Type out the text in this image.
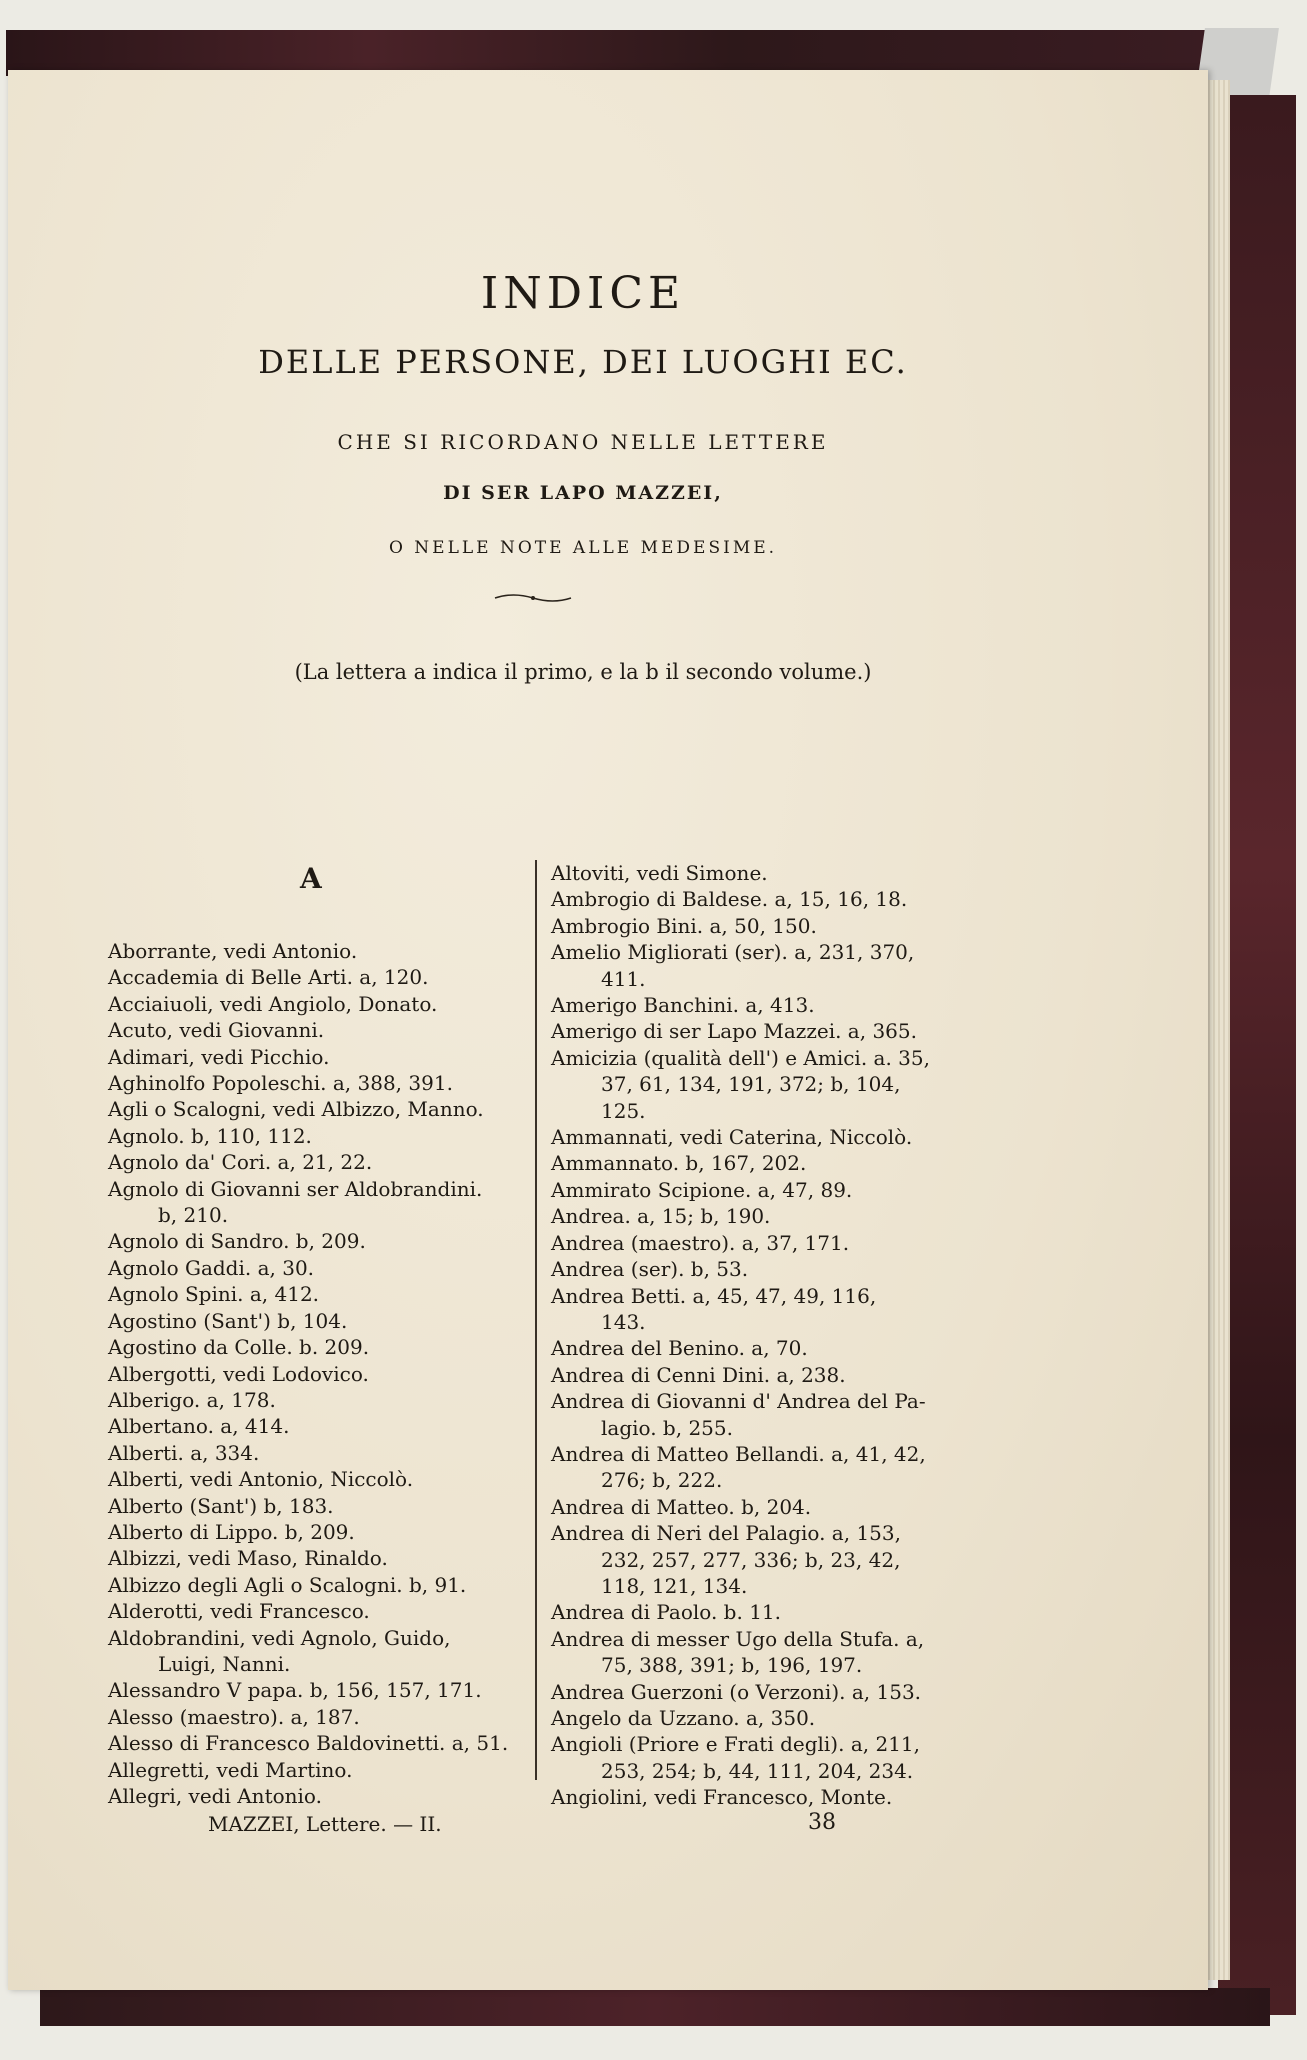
INDICE
DELLE PERSONE, DEI LUOGHI EC.
CHE SI RICORDANO NELLE LETTERE
DI SER LAPO MAZZEI,
O NELLE NOTE ALLE MEDESIME.
(La lettera a indica il primo, e la b il secondo volume.)
A
Aborrante, vedi Antonio.
Accademia di Belle Arti. a, 120.
Acciaiuoli, vedi Angiolo, Donato.
Acuto, vedi Giovanni.
Adimari, vedi Picchio.
Aghinolfo Popoleschi. a, 388, 391.
Agli o Scalogni, vedi Albizzo, Manno.
Agnolo. b, 110, 112.
Agnolo da' Cori. a, 21, 22.
Agnolo di Giovanni ser Aldobrandini.
b, 210.
Agnolo di Sandro. b, 209.
Agnolo Gaddi. a, 30.
Agnolo Spini. a, 412.
Agostino (Sant') b, 104.
Agostino da Colle. b. 209.
Albergotti, vedi Lodovico.
Alberigo. a, 178.
Albertano. a, 414.
Alberti. a, 334.
Alberti, vedi Antonio, Niccolò.
Alberto (Sant') b, 183.
Alberto di Lippo. b, 209.
Albizzi, vedi Maso, Rinaldo.
Albizzo degli Agli o Scalogni. b, 91.
Alderotti, vedi Francesco.
Aldobrandini, vedi Agnolo, Guido,
Luigi, Nanni.
Alessandro V papa. b, 156, 157, 171.
Alesso (maestro). a, 187.
Alesso di Francesco Baldovinetti. a, 51.
Allegretti, vedi Martino.
Allegri, vedi Antonio.
Altoviti, vedi Simone.
Ambrogio di Baldese. a, 15, 16, 18.
Ambrogio Bini. a, 50, 150.
Amelio Migliorati (ser). a, 231, 370,
411.
Amerigo Banchini. a, 413.
Amerigo di ser Lapo Mazzei. a, 365.
Amicizia (qualità dell') e Amici. a. 35,
37, 61, 134, 191, 372; b, 104,
125.
Ammannati, vedi Caterina, Niccolò.
Ammannato. b, 167, 202.
Ammirato Scipione. a, 47, 89.
Andrea. a, 15; b, 190.
Andrea (maestro). a, 37, 171.
Andrea (ser). b, 53.
Andrea Betti. a, 45, 47, 49, 116,
143.
Andrea del Benino. a, 70.
Andrea di Cenni Dini. a, 238.
Andrea di Giovanni d' Andrea del Pa-
lagio. b, 255.
Andrea di Matteo Bellandi. a, 41, 42,
276; b, 222.
Andrea di Matteo. b, 204.
Andrea di Neri del Palagio. a, 153,
232, 257, 277, 336; b, 23, 42,
118, 121, 134.
Andrea di Paolo. b. 11.
Andrea di messer Ugo della Stufa. a,
75, 388, 391; b, 196, 197.
Andrea Guerzoni (o Verzoni). a, 153.
Angelo da Uzzano. a, 350.
Angioli (Priore e Frati degli). a, 211,
253, 254; b, 44, 111, 204, 234.
Angiolini, vedi Francesco, Monte.
MAZZEI, Lettere. — II.	38
